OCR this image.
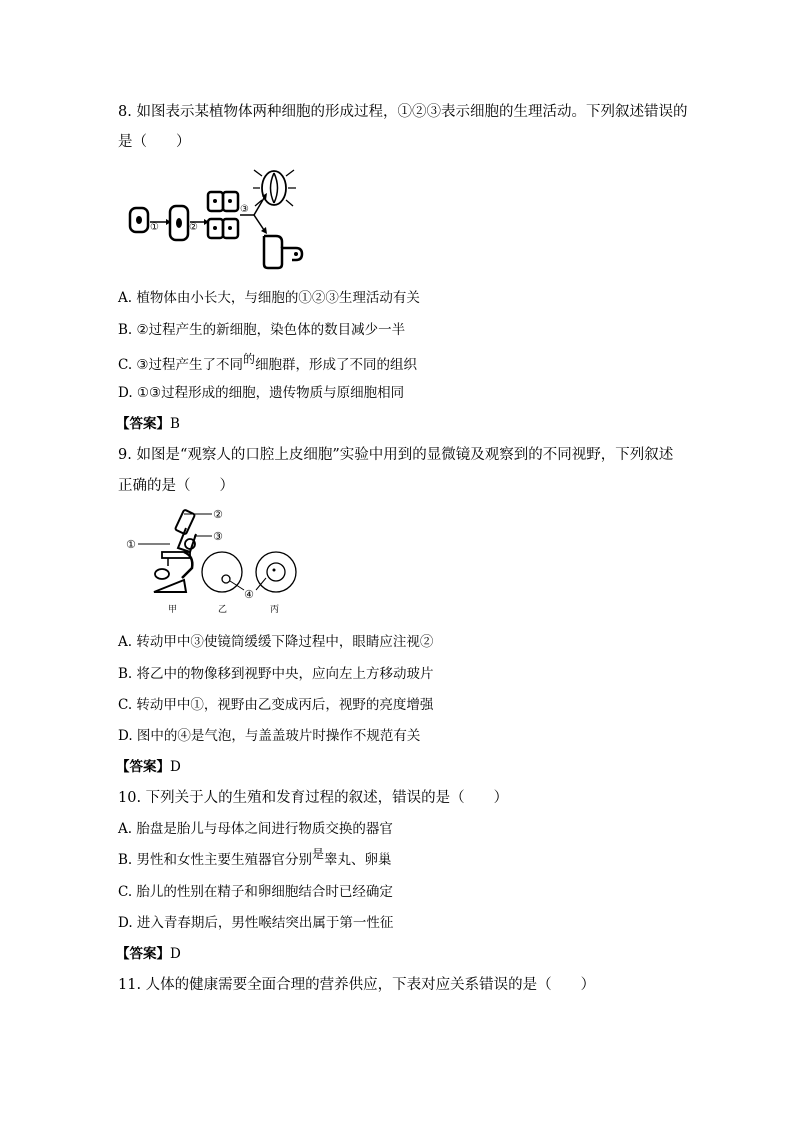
8. 如图表示某植物体两种细胞的形成过程，①②③表示细胞的生理活动。下列叙述错误的
是（　　）
①	②
③
A. 植物体由小长大，与细胞的①②③生理活动有关
B. ②过程产生的新细胞，染色体的数目减少一半
C. ③过程产生了不同的细胞群，形成了不同的组织
D. ①③过程形成的细胞，遗传物质与原细胞相同
【答案】B
9. 如图是“观察人的口腔上皮细胞”实验中用到的显微镜及观察到的不同视野，下列叙述
正确的是（　　）
①
②
③
④
甲	乙	丙
A. 转动甲中③使镜筒缓缓下降过程中，眼睛应注视②
B. 将乙中的物像移到视野中央，应向左上方移动玻片
C. 转动甲中①，视野由乙变成丙后，视野的亮度增强
D. 图中的④是气泡，与盖盖玻片时操作不规范有关
【答案】D
10. 下列关于人的生殖和发育过程的叙述，错误的是（　　）
A. 胎盘是胎儿与母体之间进行物质交换的器官
B. 男性和女性主要生殖器官分别是睾丸、卵巢
C. 胎儿的性别在精子和卵细胞结合时已经确定
D. 进入青春期后，男性喉结突出属于第一性征
【答案】D
11. 人体的健康需要全面合理的营养供应，下表对应关系错误的是（　　）
